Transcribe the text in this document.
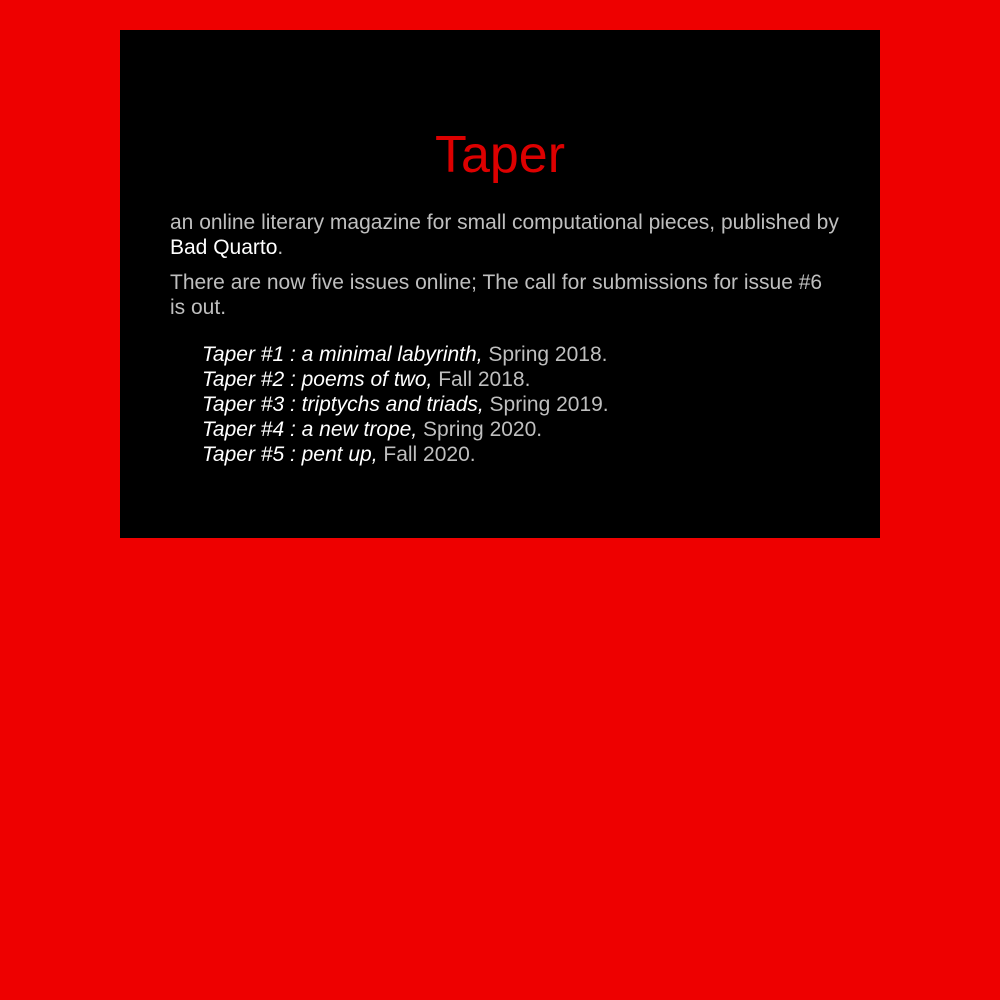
Taper

an online literary magazine for small computational pieces, published by Bad Quarto.

There are now five issues online; The call for submissions for issue #6 is out.

Taper #1 : a minimal labyrinth, Spring 2018.
Taper #2 : poems of two, Fall 2018.
Taper #3 : triptychs and triads, Spring 2019.
Taper #4 : a new trope, Spring 2020.
Taper #5 : pent up, Fall 2020.
